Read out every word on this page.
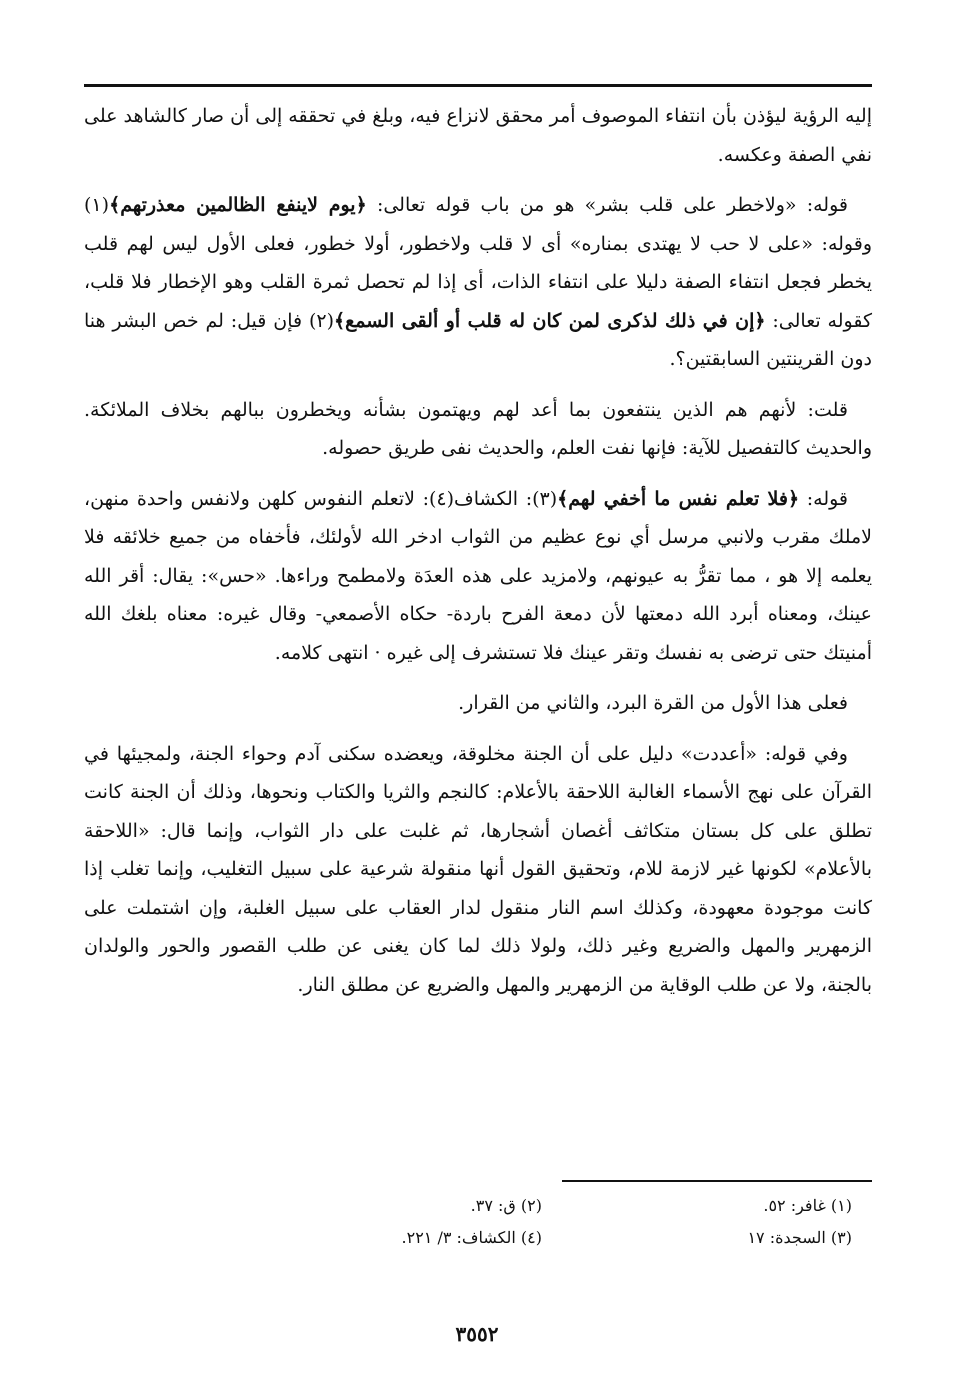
إليه الرؤية ليؤذن بأن انتفاء الموصوف أمر محقق لانزاع فيه، وبلغ في تحققه إلى أن صار كالشاهد على نفي الصفة وعكسه.

قوله: «ولاخطر على قلب بشر» هو من باب قوله تعالى: ﴿يوم لاينفع الظالمين معذرتهم﴾(١) وقوله: «على لا حب لا يهتدى بمناره» أى لا قلب ولاخطور، أولا خطور، فعلى الأول ليس لهم قلب يخطر فجعل انتفاء الصفة دليلا على انتفاء الذات، أى إذا لم تحصل ثمرة القلب وهو الإخطار فلا قلب، كقوله تعالى: ﴿إن في ذلك لذكرى لمن كان له قلب أو ألقى السمع﴾(٢) فإن قيل: لم خص البشر هنا دون القرينتين السابقتين؟.

قلت: لأنهم هم الذين ينتفعون بما أعد لهم ويهتمون بشأنه ويخطرون ببالهم بخلاف الملائكة. والحديث كالتفصيل للآية: فإنها نفت العلم، والحديث نفى طريق حصوله.

قوله: ﴿فلا تعلم نفس ما أخفي لهم﴾(٣): الكشاف(٤): لاتعلم النفوس كلهن ولانفس واحدة منهن، لاملك مقرب ولانبي مرسل أي نوع عظيم من الثواب ادخر الله لأولئك، فأخفاه من جميع خلائقه فلا يعلمه إلا هو ، مما تقرُّ به عيونهم، ولامزيد على هذه العدَة ولامطمح وراءها. «حس»: يقال: أقر الله عينك، ومعناه أبرد الله دمعتها لأن دمعة الفرح باردة- حكاه الأصمعي- وقال غيره: معناه بلغك الله أمنيتك حتى ترضى به نفسك وتقر عينك فلا تستشرف إلى غيره · انتهى كلامه.

فعلى هذا الأول من القرة البرد، والثاني من القرار.

وفي قوله: «أعددت» دليل على أن الجنة مخلوقة، ويعضده سكنى آدم وحواء الجنة، ولمجيئها في القرآن على نهج الأسماء الغالبة اللاحقة بالأعلام: كالنجم والثريا والكتاب ونحوها، وذلك أن الجنة كانت تطلق على كل بستان متكاثف أغصان أشجارها، ثم غلبت على دار الثواب، وإنما قال: «اللاحقة بالأعلام» لكونها غير لازمة للام، وتحقيق القول أنها منقولة شرعية على سبيل التغليب، وإنما تغلب إذا كانت موجودة معهودة، وكذلك اسم النار منقول لدار العقاب على سبيل الغلبة، وإن اشتملت على الزمهرير والمهل والضريع وغير ذلك، ولولا ذلك لما كان يغنى عن طلب القصور والحور والولدان بالجنة، ولا عن طلب الوقاية من الزمهرير والمهل والضريع عن مطلق النار.

(١) غافر: ٥٢.
(٢) ق: ٣٧.
(٣) السجدة: ١٧
(٤) الكشاف: ٣/ ٢٢١.
٣٥٥٢
